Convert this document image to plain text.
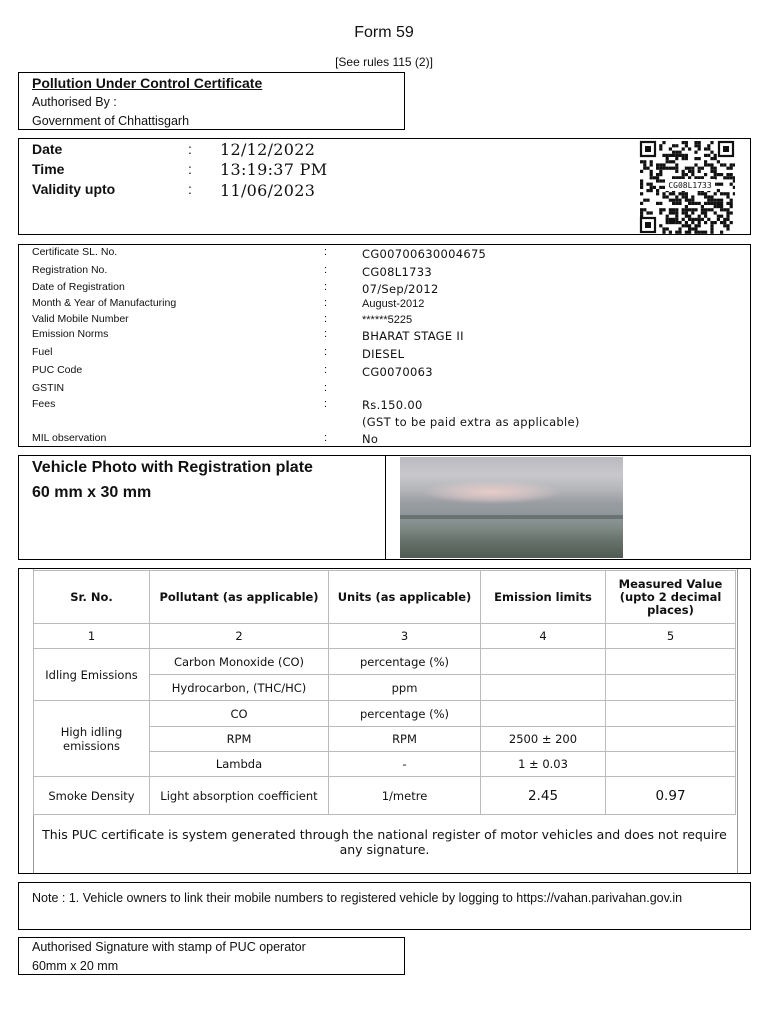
Form 59
[See rules 115 (2)]
Pollution Under Control Certificate
Authorised By :
Government of Chhattisgarh
Date	: 12/12/2022
Time	: 13:19:37 PM
Validity upto	: 11/06/2023	CG08L1733
Certificate SL. No.	:	CG00700630004675
Registration No.	:	CG08L1733
Date of Registration	:	07/Sep/2012
Month & Year of Manufacturing	:	August-2012
Valid Mobile Number	:	******5225
Emission Norms	:	BHARAT STAGE II
Fuel	:	DIESEL
PUC Code	:	CG0070063
GSTIN	:
Fees	:	Rs.150.00
(GST to be paid extra as applicable)
MIL observation	:	No
Vehicle Photo with Registration plate
60 mm x 30 mm
Sr. No.	Pollutant (as applicable)	Units (as applicable)	Emission limits	Measured Value (upto 2 decimal places)
1	2	3	4	5
Idling Emissions	Carbon Monoxide (CO)	percentage (%)		
	Hydrocarbon, (THC/HC)	ppm		
High idling emissions	CO	percentage (%)		
	RPM	RPM	2500 ± 200	
	Lambda	-	1 ± 0.03	
Smoke Density	Light absorption coefficient	1/metre	2.45	0.97
This PUC certificate is system generated through the national register of motor vehicles and does not require any signature.
Note : 1. Vehicle owners to link their mobile numbers to registered vehicle by logging to https://vahan.parivahan.gov.in
Authorised Signature with stamp of PUC operator
60mm x 20 mm
